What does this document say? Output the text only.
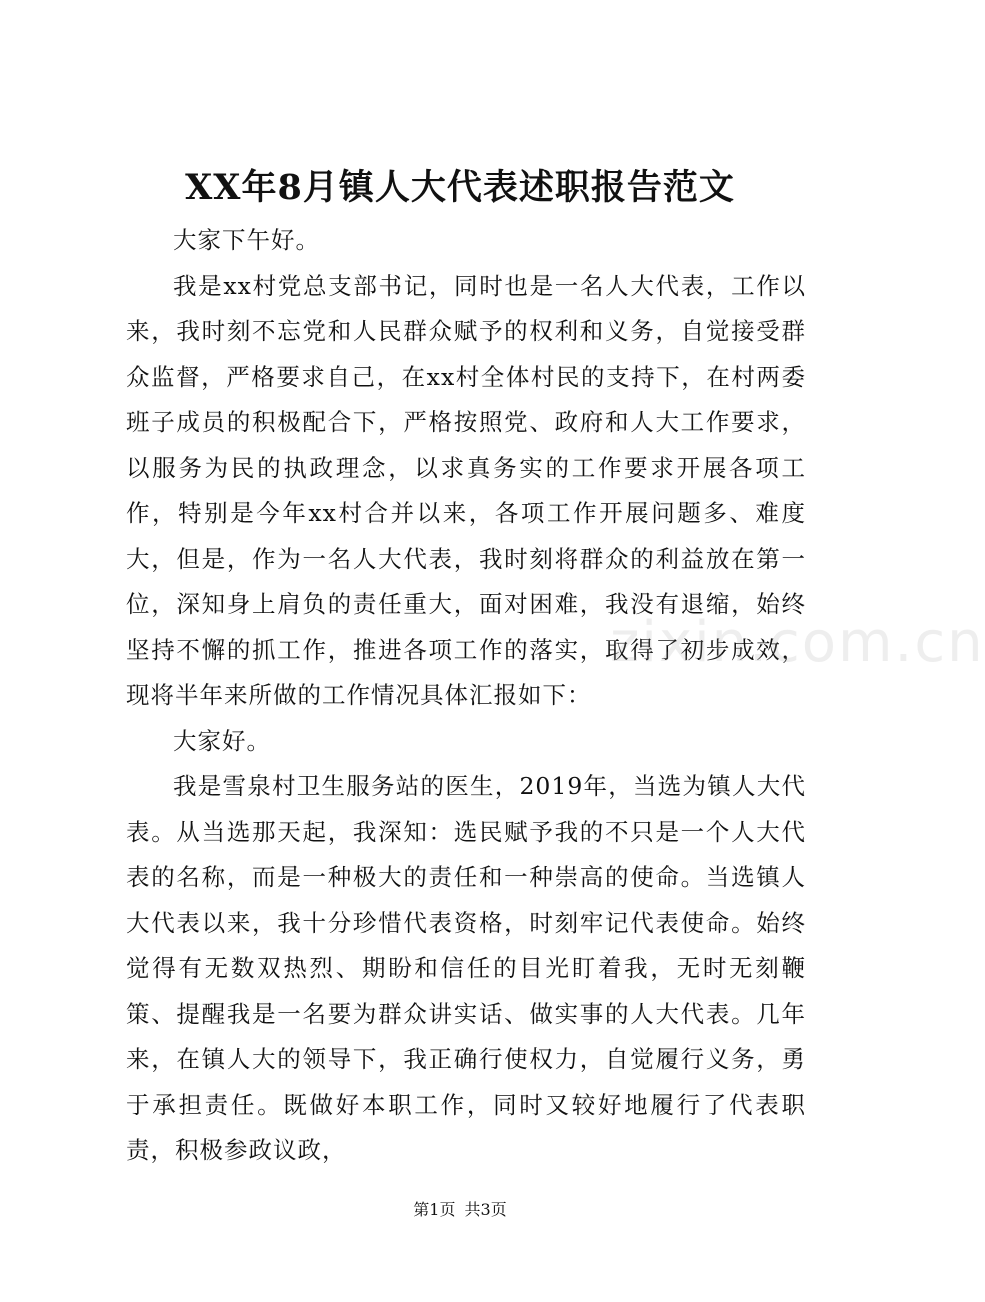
XX年8月镇人大代表述职报告范文

大家下午好。

我是xx村党总支部书记，同时也是一名人大代表，工作以来，我时刻不忘党和人民群众赋予的权利和义务，自觉接受群众监督，严格要求自己，在xx村全体村民的支持下，在村两委班子成员的积极配合下，严格按照党、政府和人大工作要求，以服务为民的执政理念，以求真务实的工作要求开展各项工作，特别是今年xx村合并以来，各项工作开展问题多、难度大，但是，作为一名人大代表，我时刻将群众的利益放在第一位，深知身上肩负的责任重大，面对困难，我没有退缩，始终坚持不懈的抓工作，推进各项工作的落实，取得了初步成效，现将半年来所做的工作情况具体汇报如下：

大家好。

我是雪泉村卫生服务站的医生，2019年，当选为镇人大代表。从当选那天起，我深知：选民赋予我的不只是一个人大代表的名称，而是一种极大的责任和一种崇高的使命。当选镇人大代表以来，我十分珍惜代表资格，时刻牢记代表使命。始终觉得有无数双热烈、期盼和信任的目光盯着我，无时无刻鞭策、提醒我是一名要为群众讲实话、做实事的人大代表。几年来，在镇人大的领导下，我正确行使权力，自觉履行义务，勇于承担责任。既做好本职工作，同时又较好地履行了代表职责，积极参政议政，

zixin.com.cn
第1页 共3页
